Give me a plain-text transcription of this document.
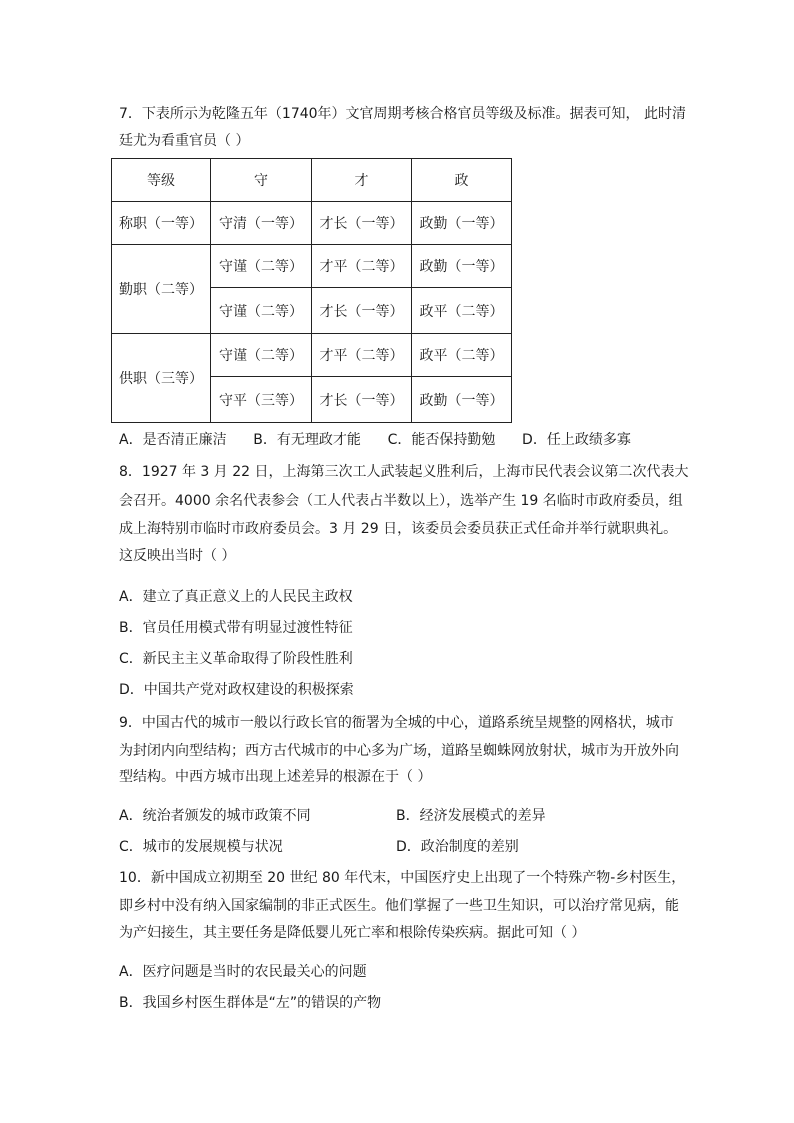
7．下表所示为乾隆五年（1740年）文官周期考核合格官员等级及标准。据表可知， 此时清
廷尤为看重官员（ ）
等级	守	才	政
称职（一等）	守清（一等）	才长（一等）	政勤（一等）
勤职（二等）	守谨（二等）	才平（二等）	政勤（一等）
	守谨（二等）	才长（一等）	政平（二等）
供职（三等）	守谨（二等）	才平（二等）	政平（二等）
	守平（三等）	才长（一等）	政勤（一等）
A．是否清正廉洁      B．有无理政才能      C．能否保持勤勉      D．任上政绩多寡
8．1927 年 3 月 22 日，上海第三次工人武装起义胜利后，上海市民代表会议第二次代表大
会召开。4000 余名代表参会（工人代表占半数以上），选举产生 19 名临时市政府委员，组
成上海特别市临时市政府委员会。3 月 29 日，该委员会委员获正式任命并举行就职典礼。
这反映出当时（ ）
A．建立了真正意义上的人民民主政权
B．官员任用模式带有明显过渡性特征
C．新民主主义革命取得了阶段性胜利
D．中国共产党对政权建设的积极探索
9．中国古代的城市一般以行政长官的衙署为全城的中心，道路系统呈规整的网格状，城市
为封闭内向型结构；西方古代城市的中心多为广场，道路呈蜘蛛网放射状，城市为开放外向
型结构。中西方城市出现上述差异的根源在于（ ）
A．统治者颁发的城市政策不同	B．经济发展模式的差异
C．城市的发展规模与状况	D．政治制度的差别
10．新中国成立初期至 20 世纪 80 年代末，中国医疗史上出现了一个特殊产物-乡村医生，
即乡村中没有纳入国家编制的非正式医生。他们掌握了一些卫生知识，可以治疗常见病，能
为产妇接生，其主要任务是降低婴儿死亡率和根除传染疾病。据此可知（ ）
A．医疗问题是当时的农民最关心的问题
B．我国乡村医生群体是“左”的错误的产物
